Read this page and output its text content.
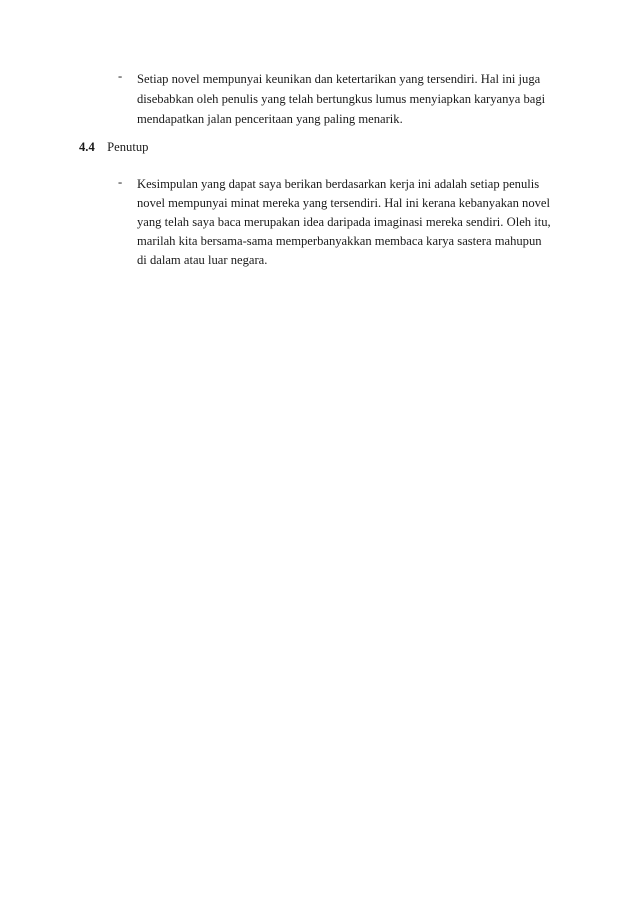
- Setiap novel mempunyai keunikan dan ketertarikan yang tersendiri. Hal ini juga
disebabkan oleh penulis yang telah bertungkus lumus menyiapkan karyanya bagi
mendapatkan jalan penceritaan yang paling menarik.
4.4 Penutup
- Kesimpulan yang dapat saya berikan berdasarkan kerja ini adalah setiap penulis
novel mempunyai minat mereka yang tersendiri. Hal ini kerana kebanyakan novel
yang telah saya baca merupakan idea daripada imaginasi mereka sendiri. Oleh itu,
marilah kita bersama-sama memperbanyakkan membaca karya sastera mahupun
di dalam atau luar negara.
